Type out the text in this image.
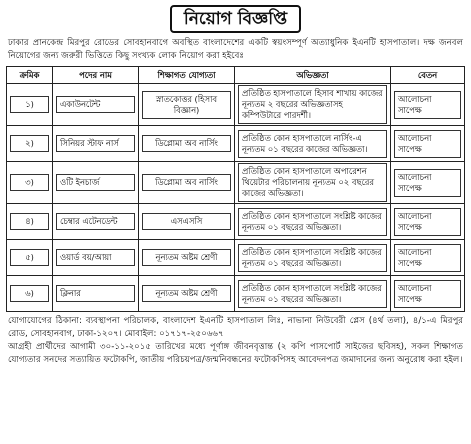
নিয়োগ বিজ্ঞপ্তি
ঢাকার প্রানকেন্দ্র মিরপুর রোডের সোবহানবাগে অবস্থিত বাংলাদেশের একটি স্বয়ংসম্পূর্ণ অত্যাধুনিক ইএনটি হাসপাতাল। দক্ষ জনবল নিয়োগের জন্য জরুরী ভিত্তিতে কিছু সংখ্যক লোক নিয়োগ করা হইবেঃ
ক্রমিক	পদের নাম	শিক্ষাগত যোগ্যতা	অভিজ্ঞতা	বেতন

১)	একাউনটেন্ট	স্নাতকোত্তর (হিসাব বিজ্ঞান)	প্রতিষ্ঠিত হাসপাতালে হিসাব শাখায় কাজের নূন্যতম ২ বছরের অভিজ্ঞতাসহ কম্পিউটারে পারদর্শী।	আলোচনা সাপেক্ষ

২)	সিনিয়র স্টাফ নার্স	ডিপ্লোমা অব নার্সিং	প্রতিষ্ঠিত কোন হাসপাতালে নার্সিং-এ নূন্যতম ০১ বছরের কাজের অভিজ্ঞতা।	আলোচনা সাপেক্ষ

৩)	ওটি ইনচার্জ	ডিপ্লোমা অব নার্সিং	প্রতিষ্ঠিত কোন হাসপাতালে অপারেশন থিয়েটার পরিচালনায় নূন্যতম ০২ বছরের কাজের অভিজ্ঞতা।	আলোচনা সাপেক্ষ

৪)	চেম্বার এটেনডেন্ট	এসএসসি	প্রতিষ্ঠিত কোন হাসপাতালে সংশ্লিষ্ট কাজের নূন্যতম ০১ বছরের অভিজ্ঞতা।	আলোচনা সাপেক্ষ

৫)	ওয়ার্ড বয়/আয়া	নূন্যতম অষ্টম শ্রেণী	প্রতিষ্ঠিত কোন হাসপাতালে সংশ্লিষ্ট কাজের নূন্যতম ০১ বছরের অভিজ্ঞতা।	আলোচনা সাপেক্ষ

৬)	ক্লিনার	নূন্যতম অষ্টম শ্রেণী	প্রতিষ্ঠিত কোন হাসপাতালে সংশ্লিষ্ট কাজের নূন্যতম ০১ বছরের অভিজ্ঞতা।	আলোচনা সাপেক্ষ
যোগাযোগের ঠিকানা: ব্যবস্থাপনা পরিচালক, বাংলাদেশ ইএনটি হাসপাতাল লিঃ, নাভানা নিউবেরী প্লেস (৪র্থ তলা), ৪/১-এ মিরপুর রোড, সোবহানবাগ, ঢাকা-১২০৭। মোবাইল: ০১৭১৭-২৫০৬৬৭
আগ্রহী প্রার্থীদের আগামী ৩০-১১-২০১৫ তারিখের মধ্যে পূর্ণাঙ্গ জীবনবৃত্তান্ত (২ কপি পাসপোর্ট সাইজের ছবিসহ), সকল শিক্ষাগত যোগ্যতার সনদের সত্যায়িত ফটোকপি, জাতীয় পরিচয়পত্র/জন্মনিবন্ধনের ফটোকপিসহ আবেদনপত্র জমাদানের জন্য অনুরোধ করা হইল।
